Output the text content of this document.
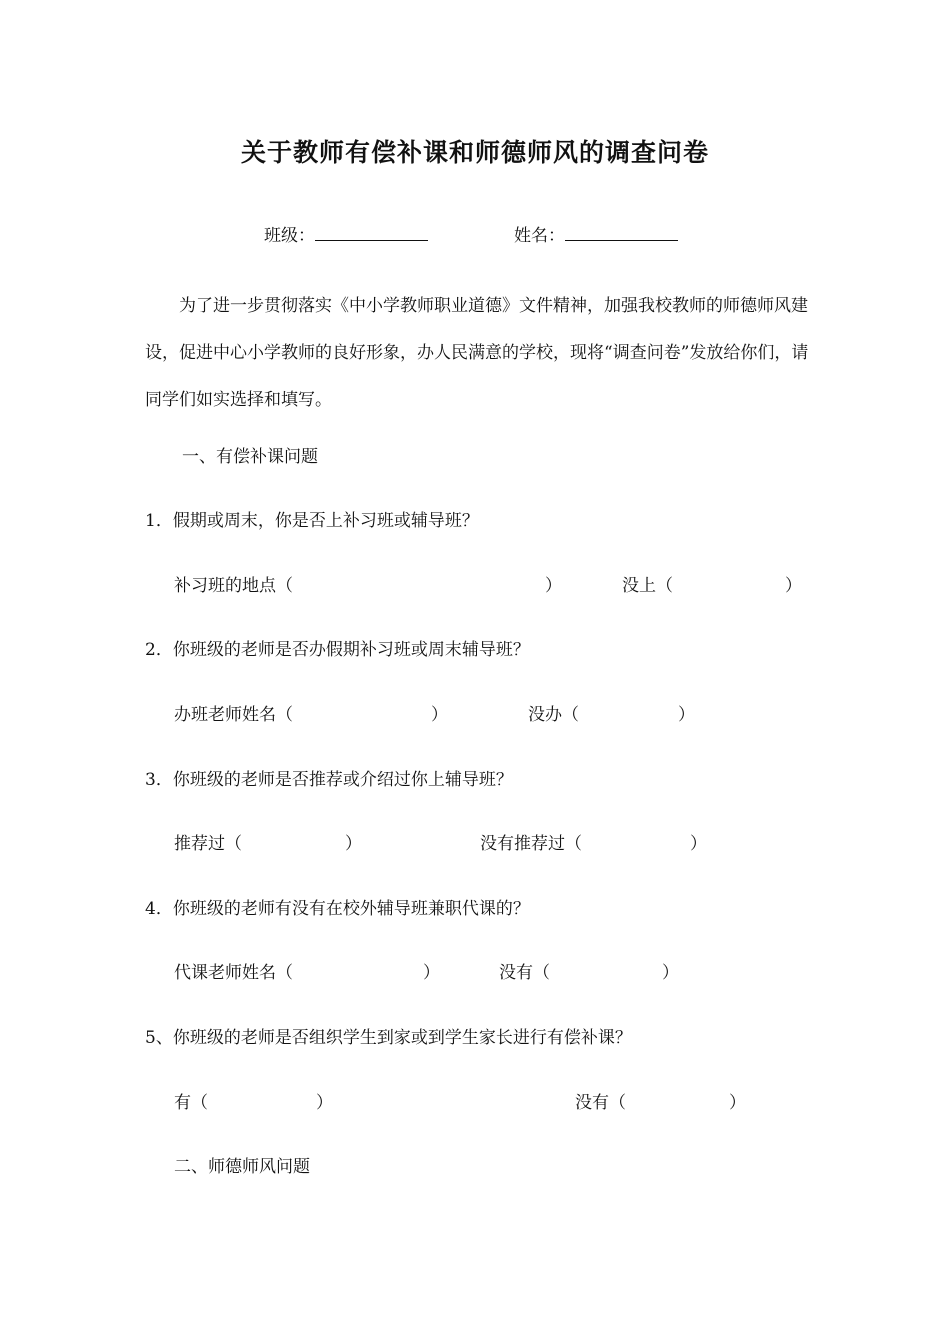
关于教师有偿补课和师德师风的调查问卷
班级：	姓名：
为了进一步贯彻落实《中小学教师职业道德》文件精神，加强我校教师的师德师风建设，促进中心小学教师的良好形象，办人民满意的学校，现将“调查问卷”发放给你们，请同学们如实选择和填写。
一、有偿补课问题
1．假期或周末，你是否上补习班或辅导班？
补习班的地点（	）	没上（	）
2．你班级的老师是否办假期补习班或周末辅导班？
办班老师姓名（	）	没办（	）
3．你班级的老师是否推荐或介绍过你上辅导班？
推荐过（	）	没有推荐过（	）
4．你班级的老师有没有在校外辅导班兼职代课的？
代课老师姓名（	）	没有（	）
5、你班级的老师是否组织学生到家或到学生家长进行有偿补课？
有（	）	没有（	）
二、师德师风问题
